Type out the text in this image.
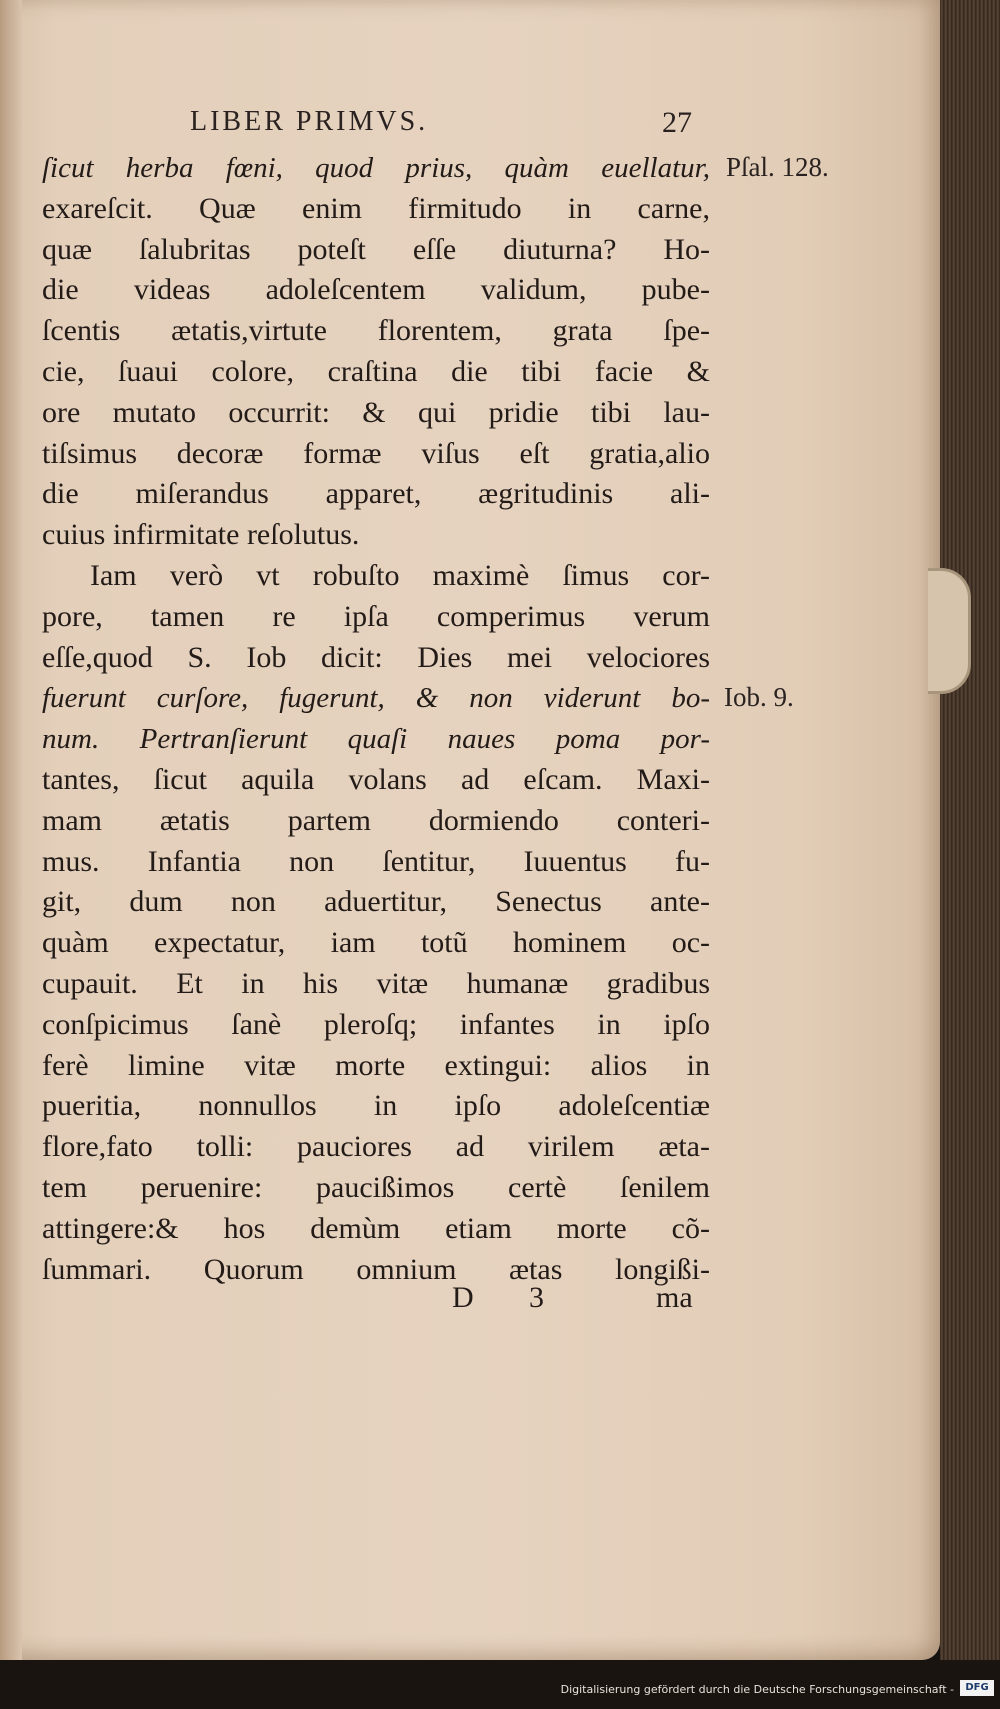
LIBER PRIMVS.	27
ſicut herba fœni, quod prius, quàm euellatur,
exareſcit. Quæ enim firmitudo in carne,
quæ ſalubritas poteſt eſſe diuturna? Ho-
die videas adoleſcentem validum, pube-
ſcentis ætatis,virtute florentem, grata ſpe-
cie, ſuaui colore, craſtina die tibi facie &
ore mutato occurrit: & qui pridie tibi lau-
tiſsimus decoræ formæ viſus eſt gratia,alio
die miſerandus apparet, ægritudinis ali-
cuius infirmitate reſolutus.
Iam verò vt robuſto maximè ſimus cor-
pore, tamen re ipſa comperimus verum
eſſe,quod S. Iob dicit: Dies mei velociores
fuerunt curſore, fugerunt, & non viderunt bo-
num. Pertranſierunt quaſi naues poma por-
tantes, ſicut aquila volans ad eſcam. Maxi-
mam ætatis partem dormiendo conteri-
mus. Infantia non ſentitur, Iuuentus fu-
git, dum non aduertitur, Senectus ante-
quàm expectatur, iam totũ hominem oc-
cupauit. Et in his vitæ humanæ gradibus
conſpicimus ſanè pleroſq; infantes in ipſo
ferè limine vitæ morte extingui: alios in
pueritia, nonnullos in ipſo adoleſcentiæ
flore,fato tolli: pauciores ad virilem æta-
tem peruenire: paucißimos certè ſenilem
attingere:& hos demùm etiam morte cõ-
ſummari. Quorum omnium ætas longißi-
Pſal. 128.
Iob. 9.
D 3	ma
Digitalisierung gefördert durch die Deutsche Forschungsgemeinschaft -	DFG
